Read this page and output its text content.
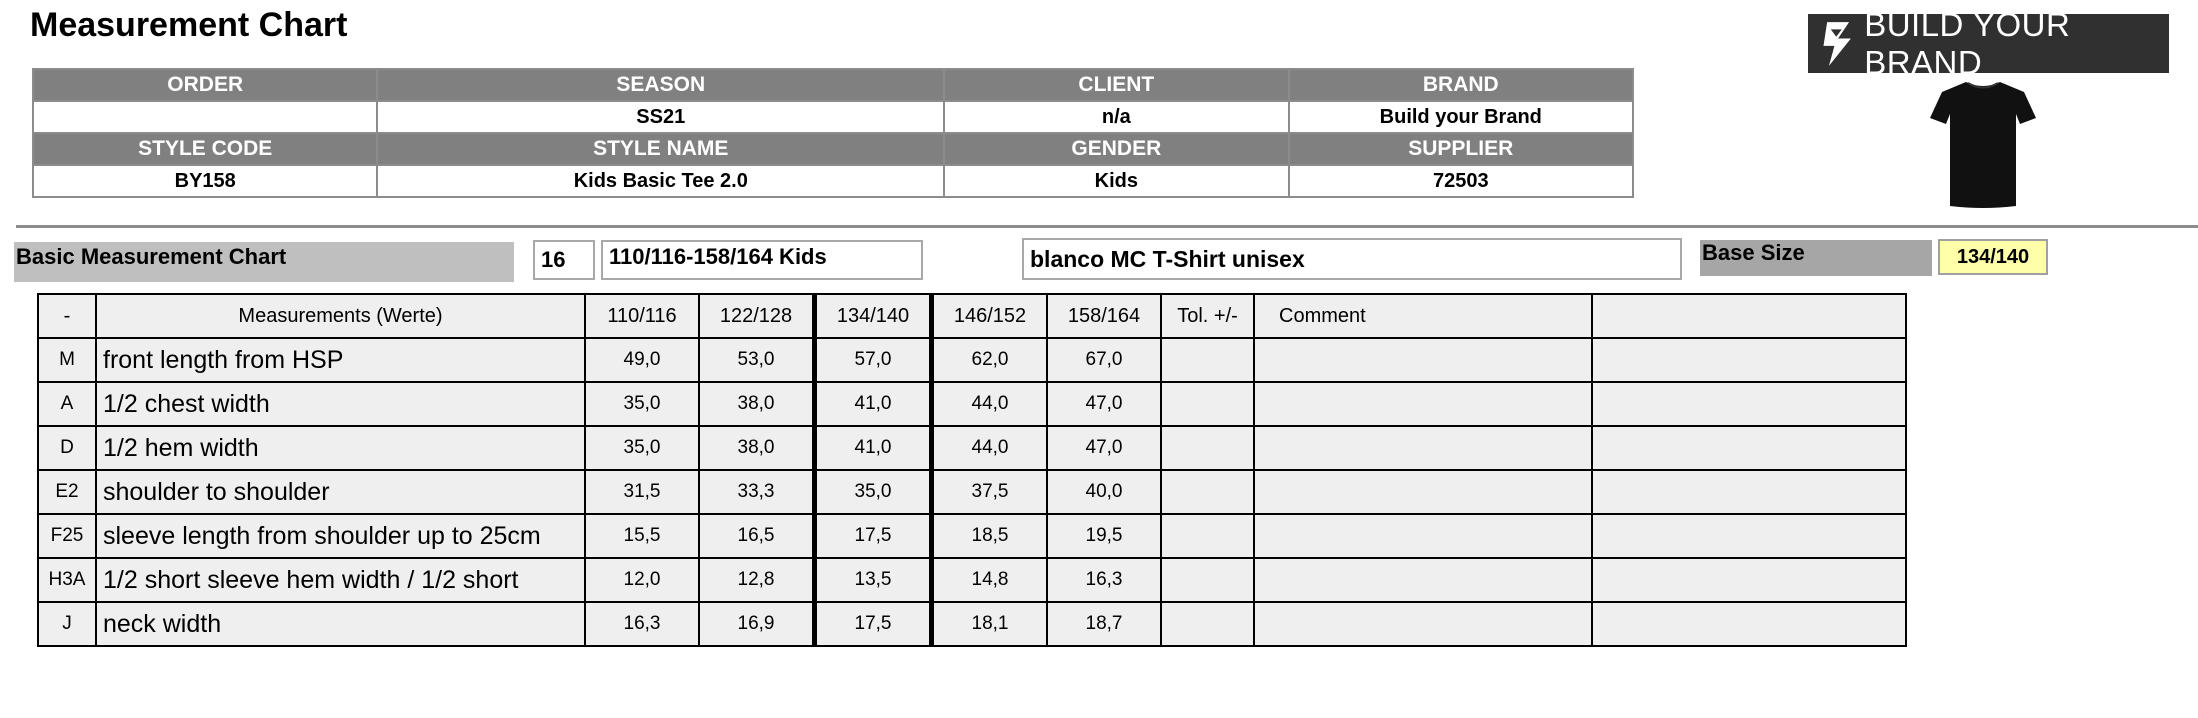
Measurement Chart
ORDER	SEASON	CLIENT	BRAND
	SS21	n/a	Build your Brand
STYLE CODE	STYLE NAME	GENDER	SUPPLIER
BY158	Kids Basic Tee 2.0	Kids	72503
BUILD YOUR BRAND
Basic Measurement Chart	16	110/116-158/164 Kids	blanco MC T-Shirt unisex	Base Size	134/140
-	Measurements (Werte)	110/116	122/128	134/140	146/152	158/164	Tol. +/-	Comment	
M	front length from HSP	49,0	53,0	57,0	62,0	67,0			
A	1/2 chest width	35,0	38,0	41,0	44,0	47,0			
D	1/2 hem width	35,0	38,0	41,0	44,0	47,0			
E2	shoulder to shoulder	31,5	33,3	35,0	37,5	40,0			
F25	sleeve length from shoulder up to 25cm	15,5	16,5	17,5	18,5	19,5			
H3A	1/2 short sleeve hem width / 1/2 short	12,0	12,8	13,5	14,8	16,3			
J	neck width	16,3	16,9	17,5	18,1	18,7			
